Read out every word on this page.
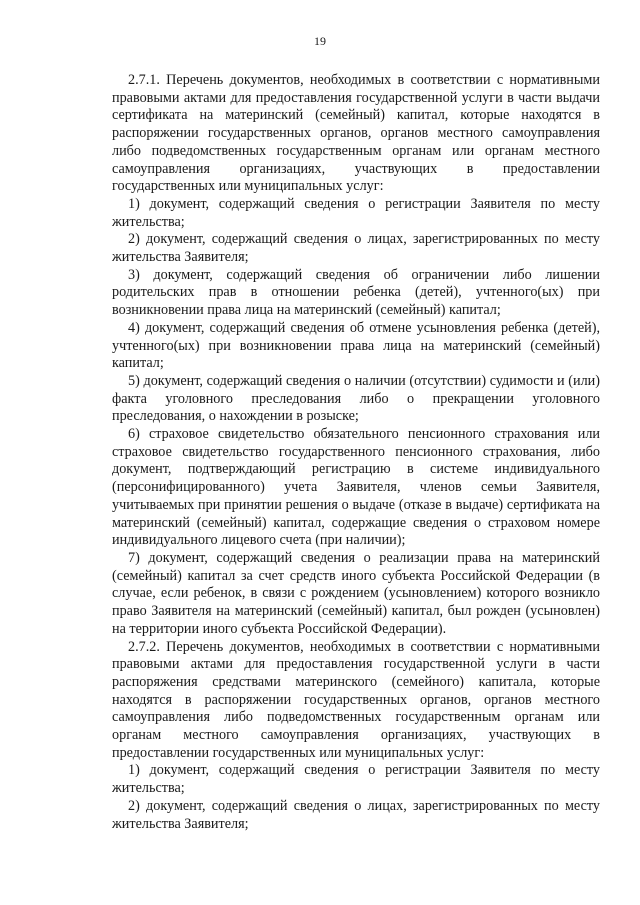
19

2.7.1. Перечень документов, необходимых в соответствии с нормативными правовыми актами для предоставления государственной услуги в части выдачи сертификата на материнский (семейный) капитал, которые находятся в распоряжении государственных органов, органов местного самоуправления либо подведомственных государственным органам или органам местного самоуправления организациях, участвующих в предоставлении государственных или муниципальных услуг:

1) документ, содержащий сведения о регистрации Заявителя по месту жительства;

2) документ, содержащий сведения о лицах, зарегистрированных по месту жительства Заявителя;

3) документ, содержащий сведения об ограничении либо лишении родительских прав в отношении ребенка (детей), учтенного(ых) при возникновении права лица на материнский (семейный) капитал;

4) документ, содержащий сведения об отмене усыновления ребенка (детей), учтенного(ых) при возникновении права лица на материнский (семейный) капитал;

5) документ, содержащий сведения о наличии (отсутствии) судимости и (или) факта уголовного преследования либо о прекращении уголовного преследования, о нахождении в розыске;

6) страховое свидетельство обязательного пенсионного страхования или страховое свидетельство государственного пенсионного страхования, либо документ, подтверждающий регистрацию в системе индивидуального (персонифицированного) учета Заявителя, членов семьи Заявителя, учитываемых при принятии решения о выдаче (отказе в выдаче) сертификата на материнский (семейный) капитал, содержащие сведения о страховом номере индивидуального лицевого счета (при наличии);

7) документ, содержащий сведения о реализации права на материнский (семейный) капитал за счет средств иного субъекта Российской Федерации (в случае, если ребенок, в связи с рождением (усыновлением) которого возникло право Заявителя на материнский (семейный) капитал, был рожден (усыновлен) на территории иного субъекта Российской Федерации).

2.7.2. Перечень документов, необходимых в соответствии с нормативными правовыми актами для предоставления государственной услуги в части распоряжения средствами материнского (семейного) капитала, которые находятся в распоряжении государственных органов, органов местного самоуправления либо подведомственных государственным органам или органам местного самоуправления организациях, участвующих в предоставлении государственных или муниципальных услуг:

1) документ, содержащий сведения о регистрации Заявителя по месту жительства;

2) документ, содержащий сведения о лицах, зарегистрированных по месту жительства Заявителя;
